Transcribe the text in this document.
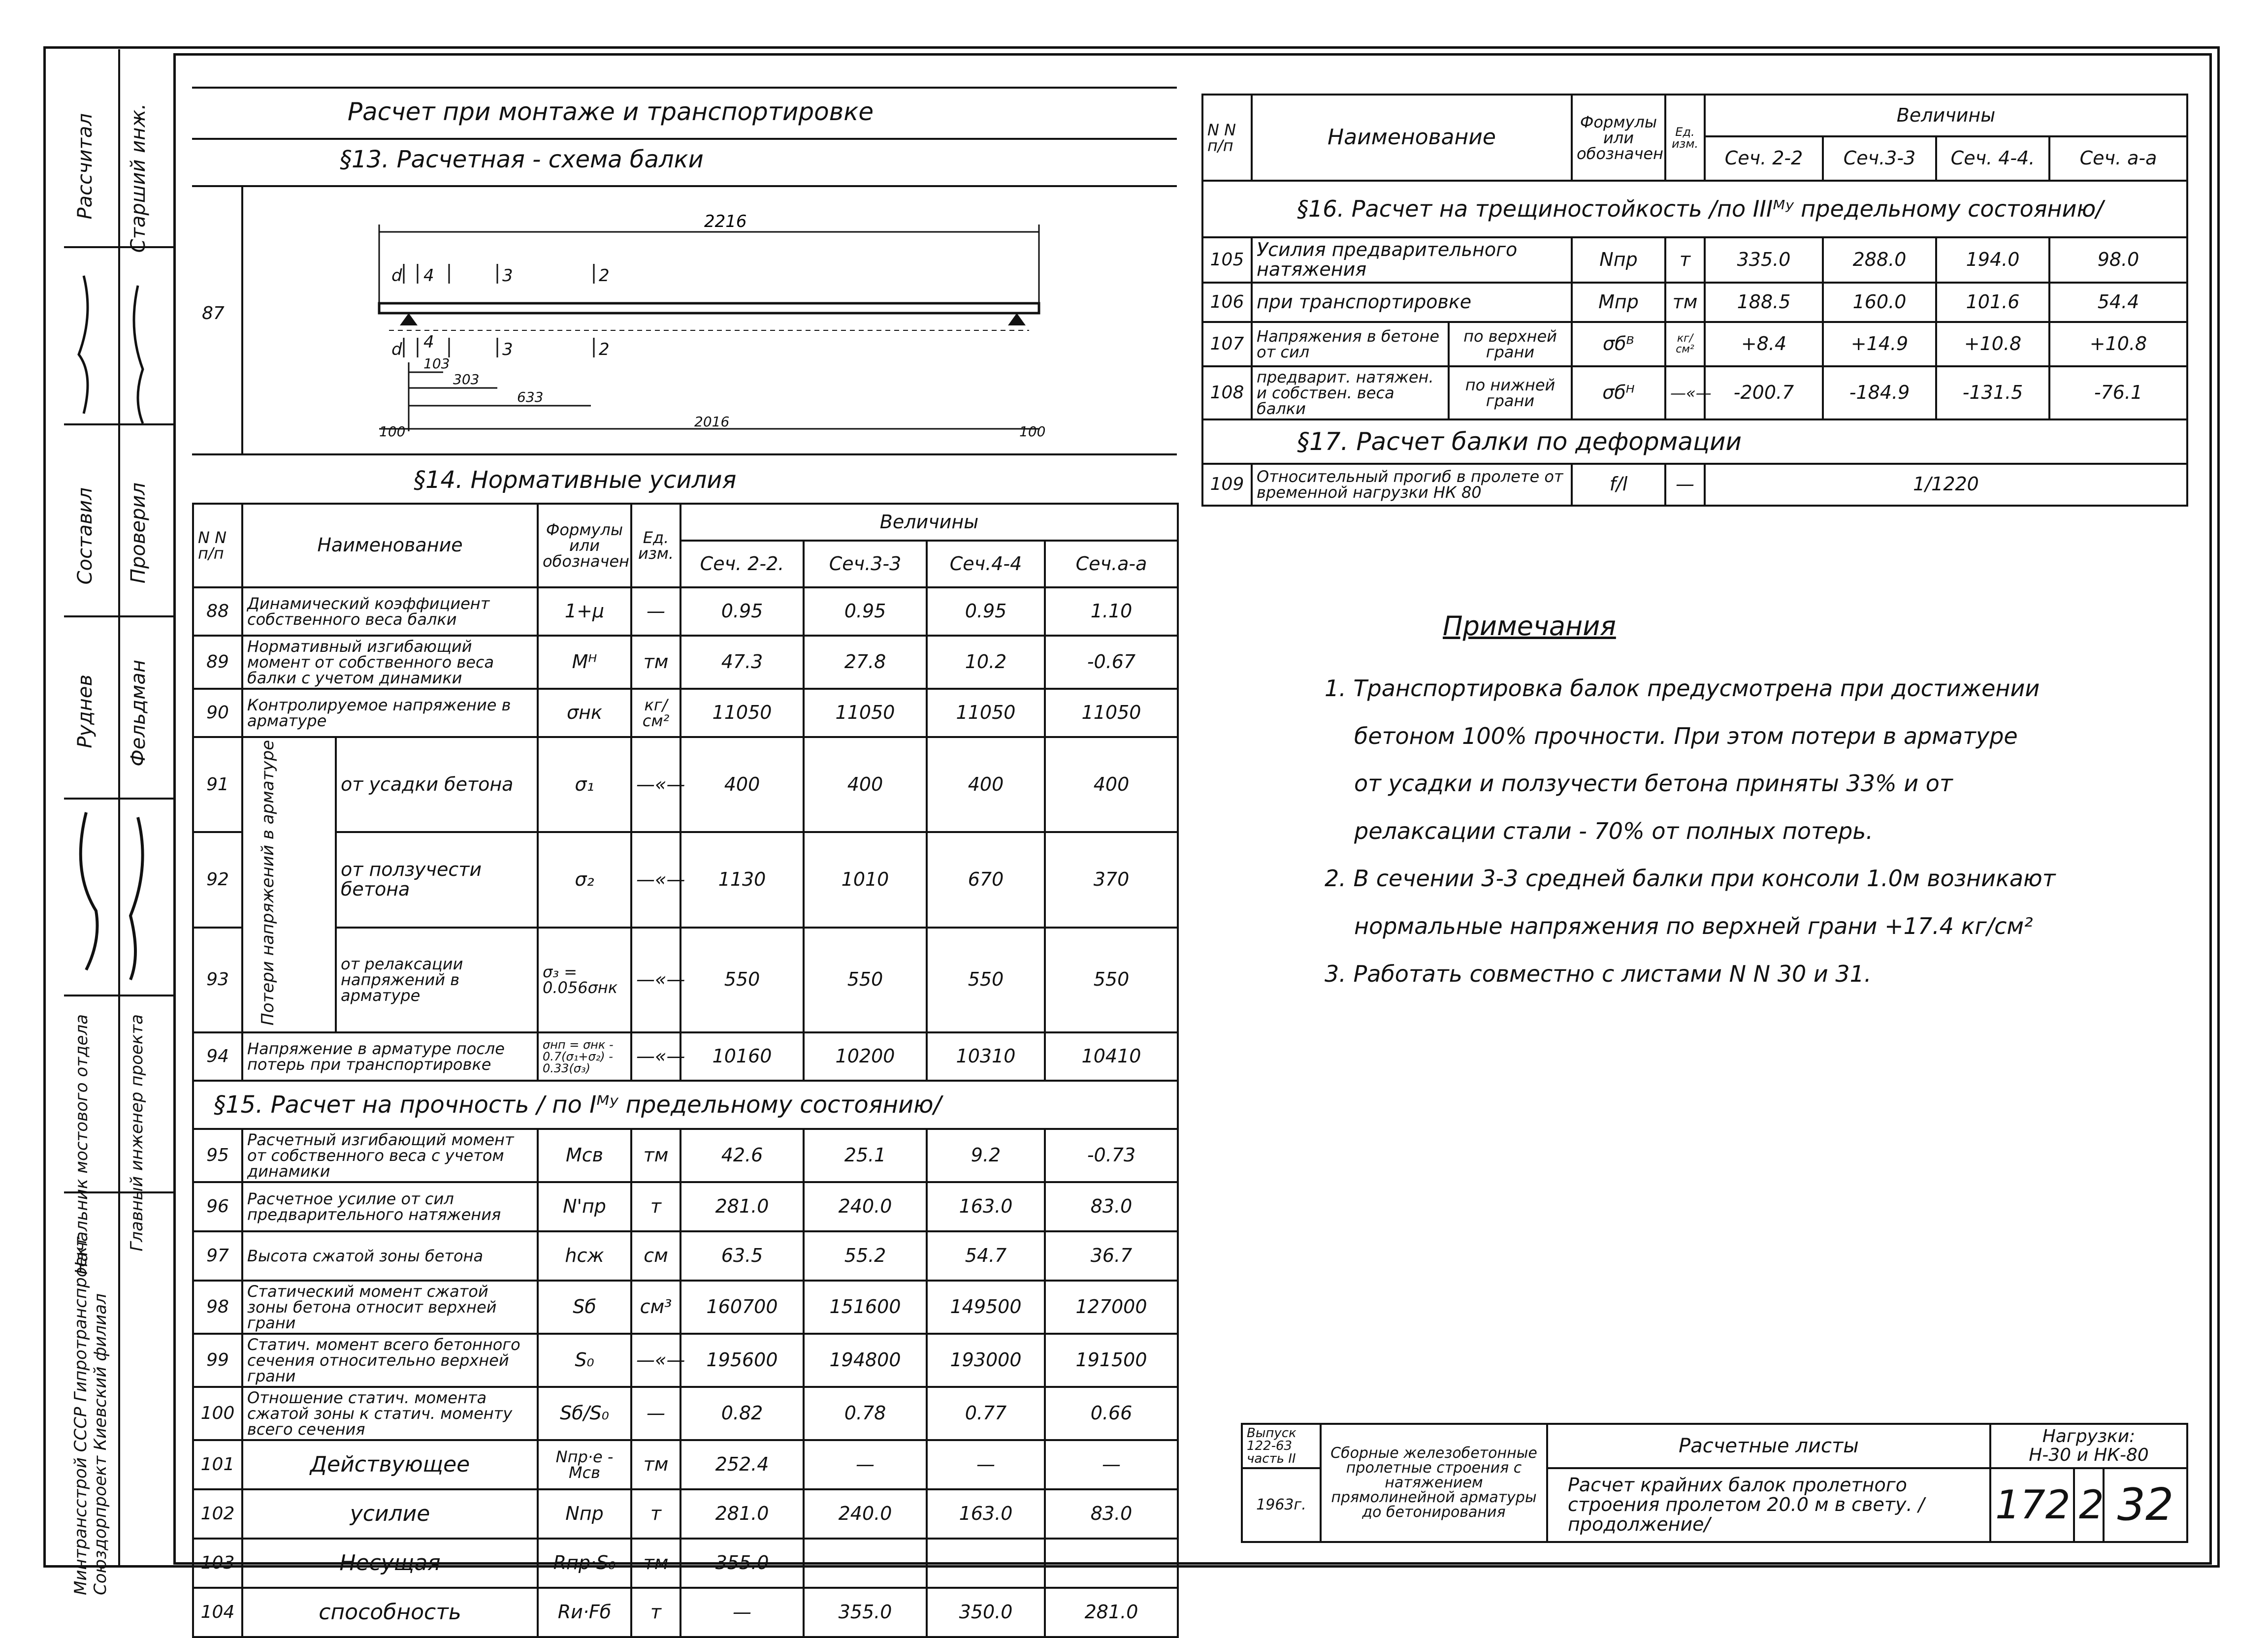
Рассчитал Старший инж.
Составил Проверил
Руднев Фельдман
Начальник мостового отдела Главный инженер проекта
Минтрансстрой СССР Гипротранспроект Союздорпроект Киевский филиал
Расчет при монтаже и транспортировке
§13. Расчетная - схема балки
87
2216
d 4	3	2
d 4	3	2
103
303
633
100
2016
100
§14. Нормативные усилия
N N п/п	Наименование		Формулы или обозначен	Ед. изм.	Величины			
					Сеч. 2-2.	Сеч.3-3	Сеч.4-4	Сеч.а-а
88	Динамический коэффициент собственного веса балки		1+μ	—	0.95	0.95	0.95	1.10
89	Нормативный изгибающий момент от собственного веса балки с учетом динамики		Mᴴ	тм	47.3	27.8	10.2	-0.67
90	Контролируемое напряжение в арматуре		σнк	кг/см²	11050	11050	11050	11050
91	Потери напряжений в арматуре	от усадки бетона	σ₁	—«—	400	400	400	400
92		от ползучести бетона	σ₂	—«—	1130	1010	670	370
93		от релаксации напряжений в арматуре	σ₃ = 0.056σнк	—«—	550	550	550	550
94	Напряжение в арматуре после потерь при транспортировке		σнп = σнк - 0.7(σ₁+σ₂) - 0.33(σ₃)	—«—	10160	10200	10310	10410
§15. Расчет на прочность / по Iᴹʸ предельному состоянию/								
95	Расчетный изгибающий момент от собственного веса с учетом динамики		Mсв	тм	42.6	25.1	9.2	-0.73
96	Расчетное усилие от сил предварительного натяжения		N'пр	т	281.0	240.0	163.0	83.0
97	Высота сжатой зоны бетона		hсж	см	63.5	55.2	54.7	36.7
98	Статический момент сжатой зоны бетона относит верхней грани		Sб	см³	160700	151600	149500	127000
99	Статич. момент всего бетонного сечения относительно верхней грани		S₀	—«—	195600	194800	193000	191500
100	Отношение статич. момента сжатой зоны к статич. моменту всего сечения		Sб/S₀	—	0.82	0.78	0.77	0.66
101	Действующее		Nпр·e - Mсв	тм	252.4	—	—	—
102	усилие		Nпр	т	281.0	240.0	163.0	83.0
103	Несущая		Rпр·S₀	тм	355.0	—	—	—
104	способность		Rи·Fб	т	—	355.0	350.0	281.0
N N п/п	Наименование		Формулы или обозначен.	Ед. изм.	Величины			
					Сеч. 2-2	Сеч.3-3	Сеч. 4-4.	Сеч. а-а
§16. Расчет на трещиностойкость /по IIIᴹʸ предельному состоянию/								
105	Усилия предварительного натяжения		Nпр	т	335.0	288.0	194.0	98.0
106	при транспортировке		Mпр	тм	188.5	160.0	101.6	54.4
107	Напряжения в бетоне от сил	по верхней грани	σбᴮ	кг/см²	+8.4	+14.9	+10.8	+10.8
108	предварит. натяжен. и собствен. веса балки	по нижней грани	σбᴴ	—«—	-200.7	-184.9	-131.5	-76.1
§17. Расчет балки по деформации								
109	Относительный прогиб в пролете от временной нагрузки НК 80		f/l	—	1/1220			
Примечания
1. Транспортировка балок предусмотрена при достижении
бетоном 100% прочности. При этом потери в арматуре
от усадки и ползучести бетона приняты 33% и от
релаксации стали - 70% от полных потерь.
2. В сечении 3-3 средней балки при консоли 1.0м возникают
нормальные напряжения по верхней грани +17.4 кг/см²
3. Работать совместно с листами N N 30 и 31.
Выпуск 122-63 часть II	Сборные железобетонные пролетные строения с натяжением прямолинейной арматуры до бетонирования	Расчетные листы	Нагрузки:
Н-30 и НК-80		

1963г.		Расчет крайних балок пролетного строения пролетом 20.0 м в свету. /продолжение/	172	2	32
